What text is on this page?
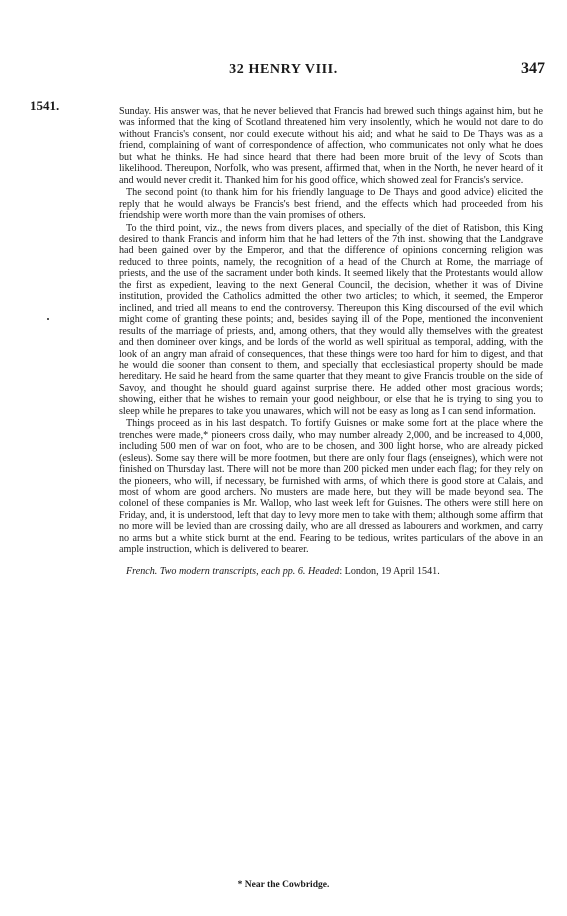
32 HENRY VIII.	347
1541.	Sunday. His answer was, that he never believed that Francis had brewed such things against him, but he was informed that the king of Scotland threatened him very insolently, which he would not dare to do without Francis's consent, nor could execute without his aid; and what he said to De Thays was as a friend, complaining of want of correspondence of affection, who communicates not only what he does but what he thinks. He had since heard that there had been more bruit of the levy of Scots than likelihood. Thereupon, Norfolk, who was present, affirmed that, when in the North, he never heard of it and would never credit it. Thanked him for his good office, which showed zeal for Francis's service.

The second point (to thank him for his friendly language to De Thays and good advice) elicited the reply that he would always be Francis's best friend, and the effects which had proceeded from his friendship were worth more than the vain promises of others.

To the third point, viz., the news from divers places, and specially of the diet of Ratisbon, this King desired to thank Francis and inform him that he had letters of the 7th inst. showing that the Landgrave had been gained over by the Emperor, and that the difference of opinions concerning religion was reduced to three points, namely, the recognition of a head of the Church at Rome, the marriage of priests, and the use of the sacrament under both kinds. It seemed likely that the Protestants would allow the first as expedient, leaving to the next General Council, the decision, whether it was of Divine institution, provided the Catholics admitted the other two articles; to which, it seemed, the Emperor inclined, and tried all means to end the controversy. Thereupon this King discoursed of the evil which might come of granting these points; and, besides saying ill of the Pope, mentioned the inconvenient results of the marriage of priests, and, among others, that they would ally themselves with the greatest and then domineer over kings, and be lords of the world as well spiritual as temporal, adding, with the look of an angry man afraid of consequences, that these things were too hard for him to digest, and that he would die sooner than consent to them, and specially that ecclesiastical property should be made hereditary. He said he heard from the same quarter that they meant to give Francis trouble on the side of Savoy, and thought he should guard against surprise there. He added other most gracious words; showing, either that he wishes to remain your good neighbour, or else that he is trying to sing you to sleep while he prepares to take you unawares, which will not be easy as long as I can send information.

Things proceed as in his last despatch. To fortify Guisnes or make some fort at the place where the trenches were made,* pioneers cross daily, who may number already 2,000, and be increased to 4,000, including 500 men of war on foot, who are to be chosen, and 300 light horse, who are already picked (esleus). Some say there will be more footmen, but there are only four flags (enseignes), which were not finished on Thursday last. There will not be more than 200 picked men under each flag; for they rely on the pioneers, who will, if necessary, be furnished with arms, of which there is good store at Calais, and most of whom are good archers. No musters are made here, but they will be made beyond sea. The colonel of these companies is Mr. Wallop, who last week left for Guisnes. The others were still here on Friday, and, it is understood, left that day to levy more men to take with them; although some affirm that no more will be levied than are crossing daily, who are all dressed as labourers and workmen, and carry no arms but a white stick burnt at the end. Fearing to be tedious, writes particulars of the above in an ample instruction, which is delivered to bearer.

French. Two modern transcripts, each pp. 6. Headed: London, 19 April 1541.

* Near the Cowbridge.
